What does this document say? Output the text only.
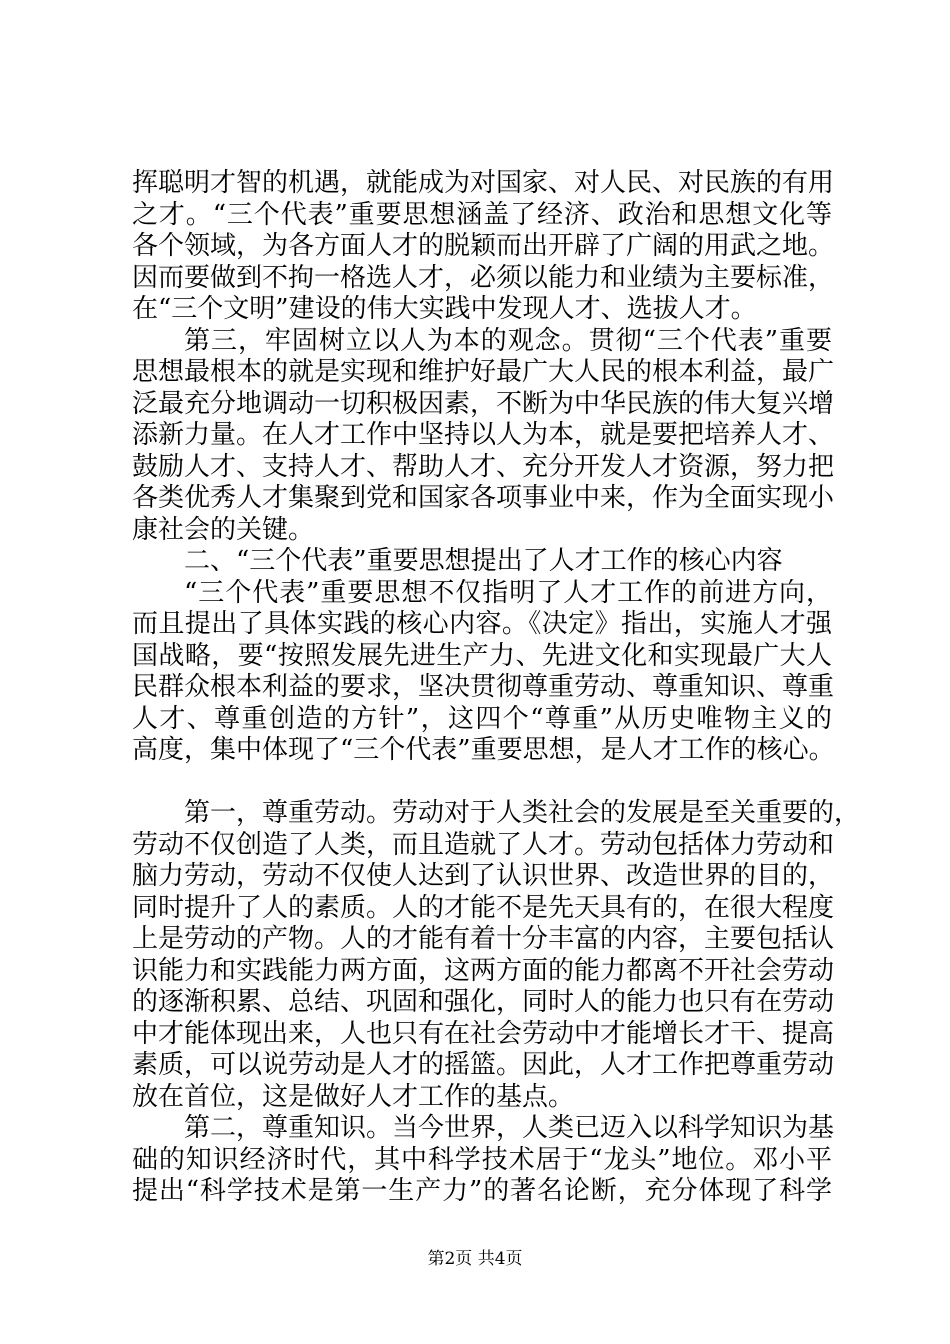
挥聪明才智的机遇，就能成为对国家、对人民、对民族的有用
之才。“三个代表”重要思想涵盖了经济、政治和思想文化等
各个领域，为各方面人才的脱颖而出开辟了广阔的用武之地。
因而要做到不拘一格选人才，必须以能力和业绩为主要标准，
在“三个文明”建设的伟大实践中发现人才、选拔人才。
第三，牢固树立以人为本的观念。贯彻“三个代表”重要
思想最根本的就是实现和维护好最广大人民的根本利益，最广
泛最充分地调动一切积极因素，不断为中华民族的伟大复兴增
添新力量。在人才工作中坚持以人为本，就是要把培养人才、
鼓励人才、支持人才、帮助人才、充分开发人才资源，努力把
各类优秀人才集聚到党和国家各项事业中来，作为全面实现小
康社会的关键。
二、“三个代表”重要思想提出了人才工作的核心内容
“三个代表”重要思想不仅指明了人才工作的前进方向，
而且提出了具体实践的核心内容。《决定》指出，实施人才强
国战略，要“按照发展先进生产力、先进文化和实现最广大人
民群众根本利益的要求，坚决贯彻尊重劳动、尊重知识、尊重
人才、尊重创造的方针”，这四个“尊重”从历史唯物主义的
高度，集中体现了“三个代表”重要思想，是人才工作的核心。
第一，尊重劳动。劳动对于人类社会的发展是至关重要的，
劳动不仅创造了人类，而且造就了人才。劳动包括体力劳动和
脑力劳动，劳动不仅使人达到了认识世界、改造世界的目的，
同时提升了人的素质。人的才能不是先天具有的，在很大程度
上是劳动的产物。人的才能有着十分丰富的内容，主要包括认
识能力和实践能力两方面，这两方面的能力都离不开社会劳动
的逐渐积累、总结、巩固和强化，同时人的能力也只有在劳动
中才能体现出来，人也只有在社会劳动中才能增长才干、提高
素质，可以说劳动是人才的摇篮。因此，人才工作把尊重劳动
放在首位，这是做好人才工作的基点。
第二，尊重知识。当今世界，人类已迈入以科学知识为基
础的知识经济时代，其中科学技术居于“龙头”地位。邓小平
提出“科学技术是第一生产力”的著名论断，充分体现了科学
第2页 共4页
